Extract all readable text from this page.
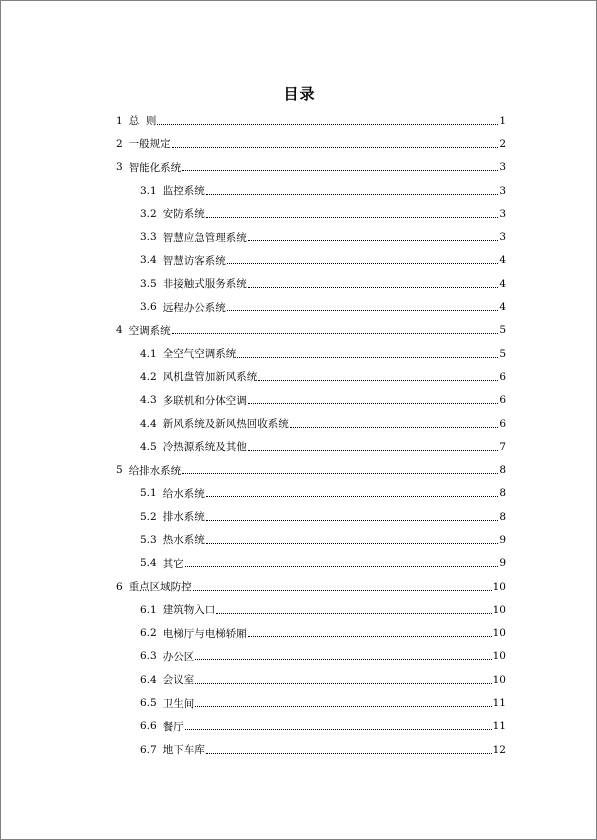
目录
1 总  则	1
2 一般规定	2
3 智能化系统	3
3.1 监控系统	3
3.2 安防系统	3
3.3 智慧应急管理系统	3
3.4 智慧访客系统	4
3.5 非接触式服务系统	4
3.6 远程办公系统	4
4 空调系统	5
4.1 全空气空调系统	5
4.2 风机盘管加新风系统	6
4.3 多联机和分体空调	6
4.4 新风系统及新风热回收系统	6
4.5 冷热源系统及其他	7
5 给排水系统	8
5.1 给水系统	8
5.2 排水系统	8
5.3 热水系统	9
5.4 其它	9
6 重点区域防控	10
6.1 建筑物入口	10
6.2 电梯厅与电梯轿厢	10
6.3 办公区	10
6.4 会议室	10
6.5 卫生间	11
6.6 餐厅	11
6.7 地下车库	12
